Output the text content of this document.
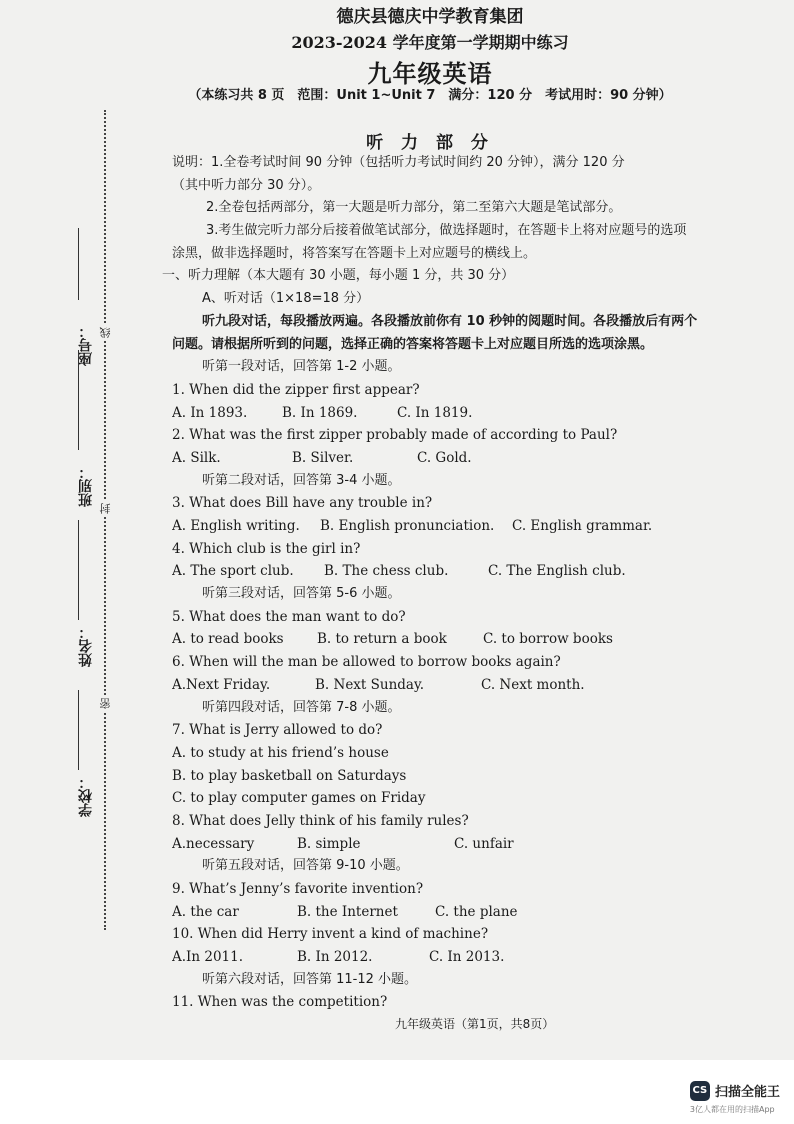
座号： 线
班别：
封
姓名：
密
学校：
德庆县德庆中学教育集团
2023-2024 学年度第一学期期中练习
九年级英语
（本练习共 8 页　范围：Unit 1~Unit 7　满分：120 分　考试用时：90 分钟）
听 力 部 分
说明：1.全卷考试时间 90 分钟（包括听力考试时间约 20 分钟），满分 120 分
（其中听力部分 30 分）。
2.全卷包括两部分，第一大题是听力部分，第二至第六大题是笔试部分。
3.考生做完听力部分后接着做笔试部分，做选择题时，在答题卡上将对应题号的选项
涂黑，做非选择题时，将答案写在答题卡上对应题号的横线上。
一、听力理解（本大题有 30 小题，每小题 1 分，共 30 分）
A、听对话（1×18=18 分）
听九段对话，每段播放两遍。各段播放前你有 10 秒钟的阅题时间。各段播放后有两个
问题。请根据所听到的问题，选择正确的答案将答题卡上对应题目所选的选项涂黑。
听第一段对话，回答第 1-2 小题。
1. When did the zipper first appear?
A. In 1893.	B. In 1869.	C. In 1819.
2. What was the first zipper probably made of according to Paul?
A. Silk.	B. Silver.	C. Gold.
听第二段对话，回答第 3-4 小题。
3. What does Bill have any trouble in?
A. English writing. B. English pronunciation. C. English grammar.
4. Which club is the girl in?
A. The sport club. B. The chess club.	C. The English club.
听第三段对话，回答第 5-6 小题。
5. What does the man want to do?
A. to read books B. to return a book	C. to borrow books
6. When will the man be allowed to borrow books again?
A.Next Friday.	B. Next Sunday.	C. Next month.
听第四段对话，回答第 7-8 小题。
7. What is Jerry allowed to do?
A. to study at his friend’s house
B. to play basketball on Saturdays
C. to play computer games on Friday
8. What does Jelly think of his family rules?
A.necessary	B. simple	C. unfair
听第五段对话，回答第 9-10 小题。
9. What’s Jenny’s favorite invention?
A. the car	B. the Internet	C. the plane
10. When did Herry invent a kind of machine?
A.In 2011.	B. In 2012.	C. In 2013.
听第六段对话，回答第 11-12 小题。
11. When was the competition?
九年级英语（第1页，共8页）
CS 扫描全能王
3亿人都在用的扫描App
